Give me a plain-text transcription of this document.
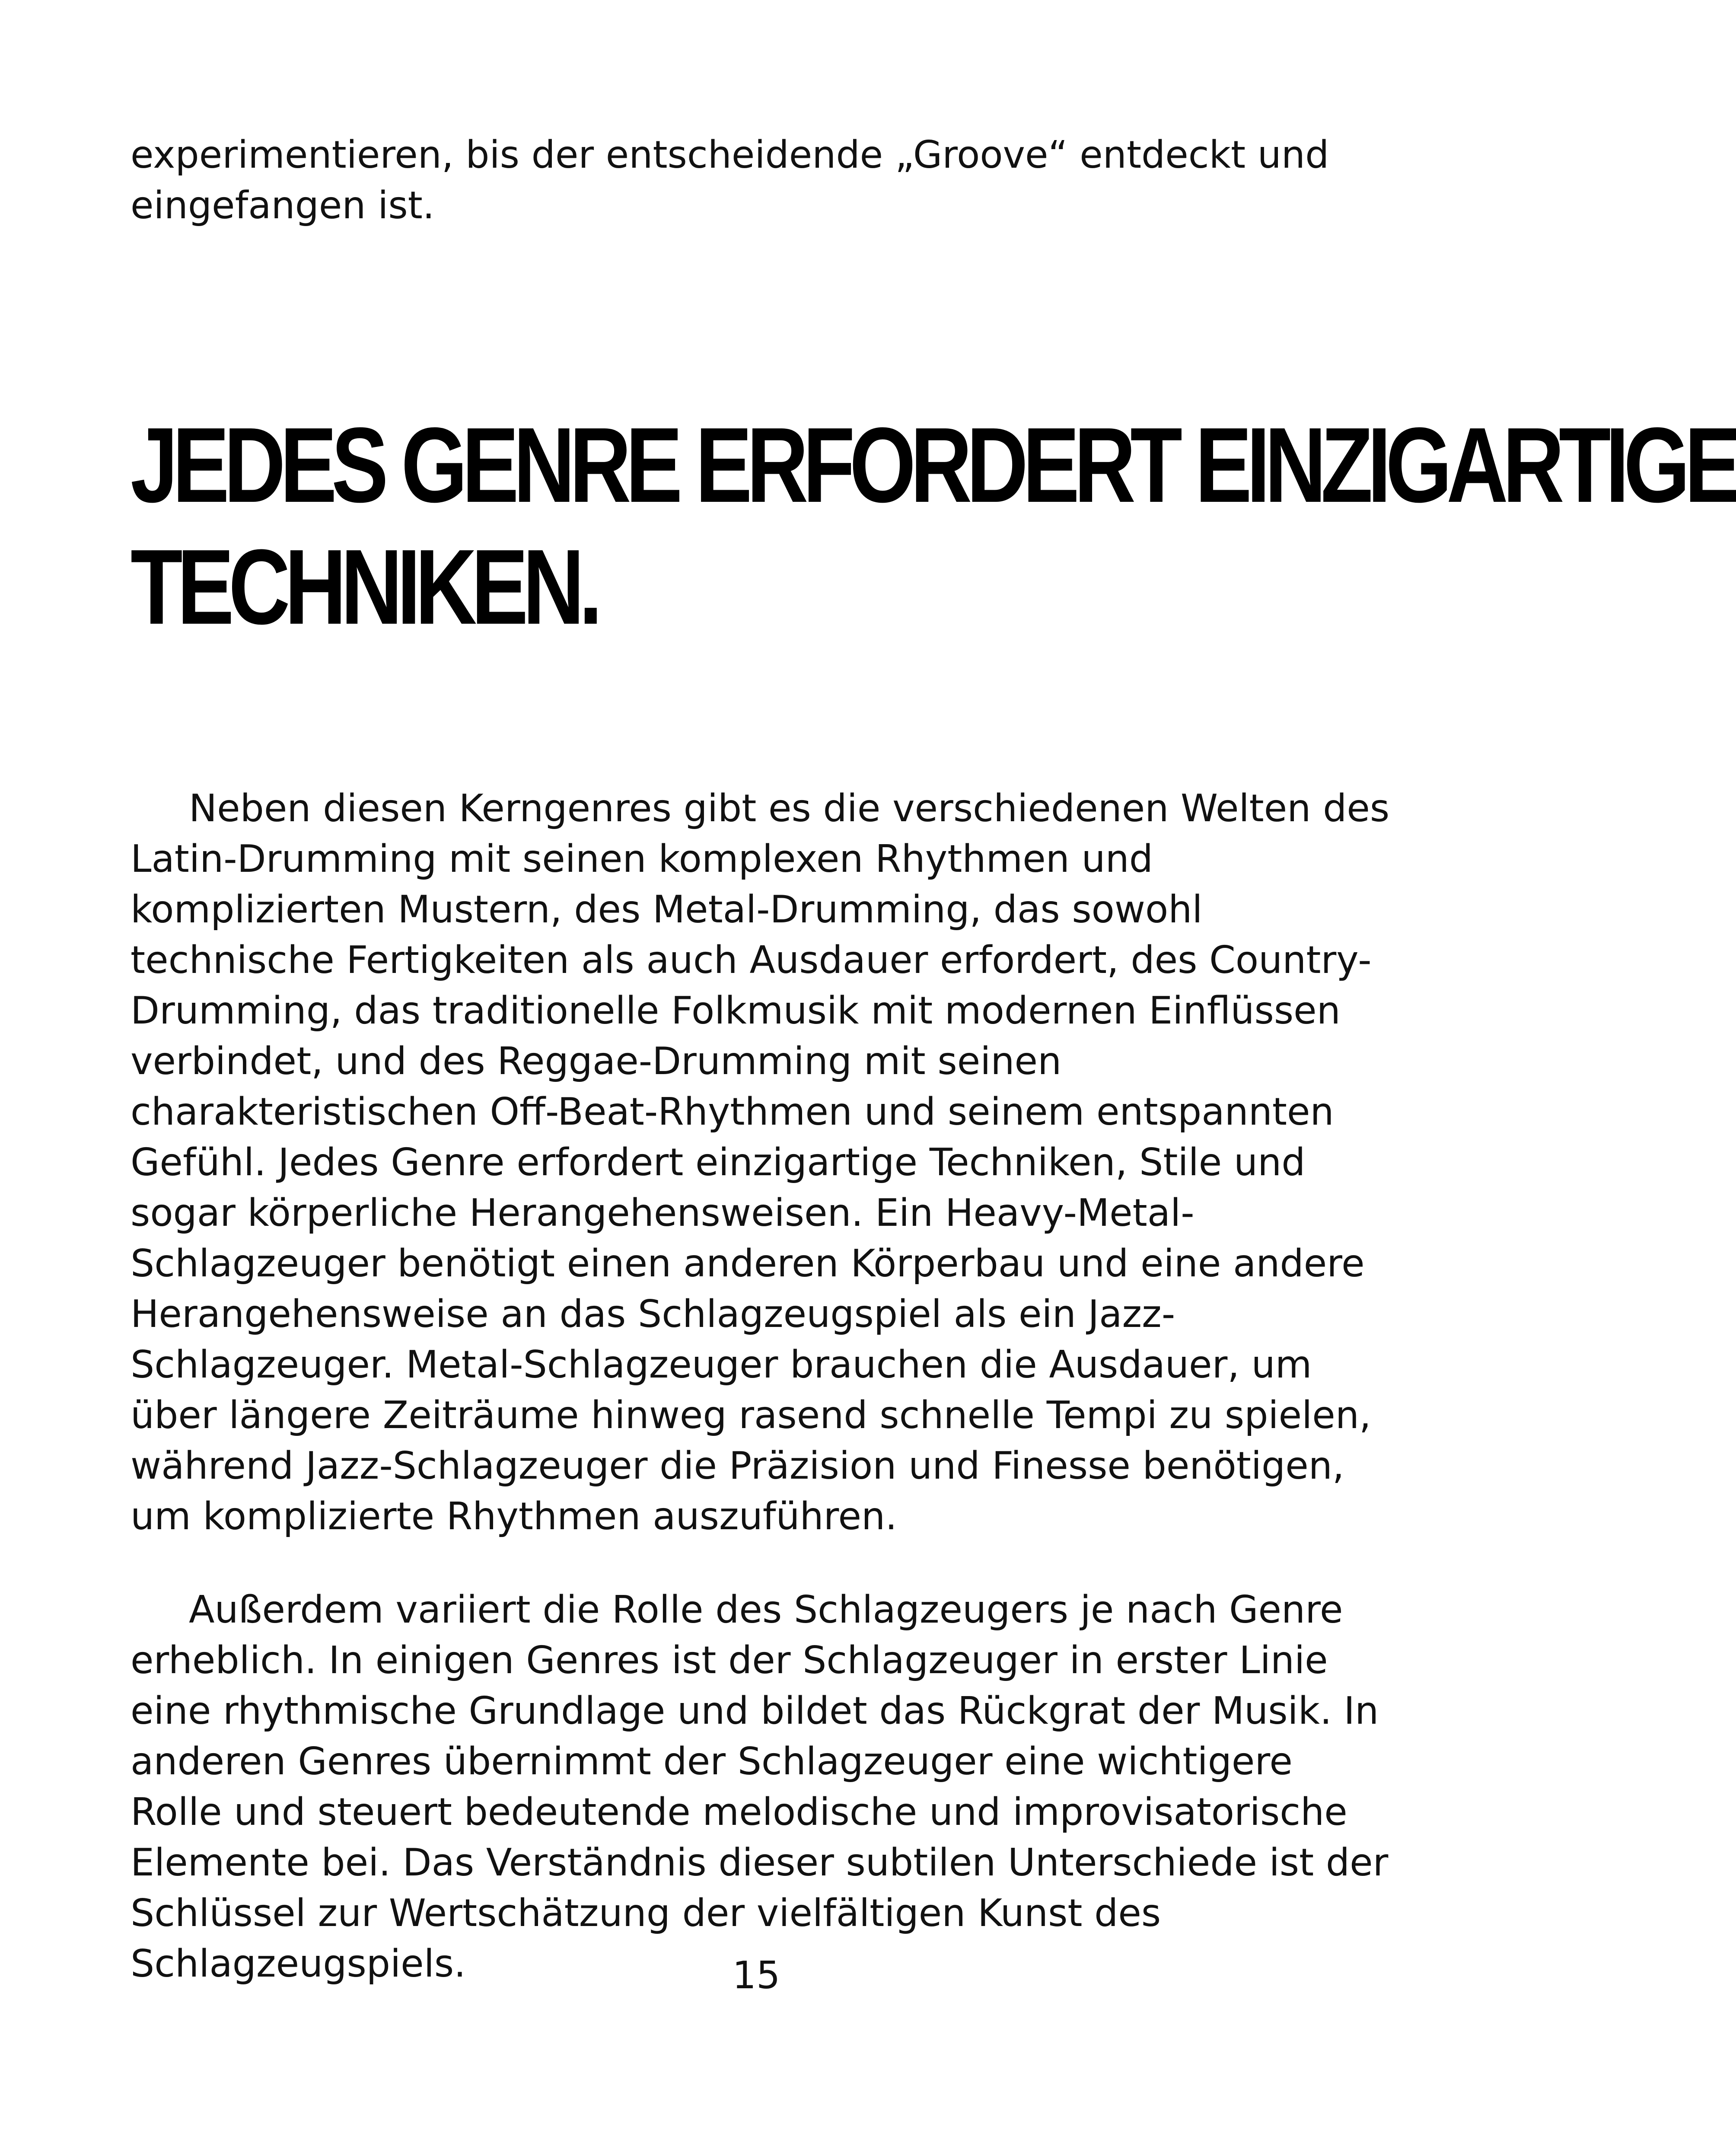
experimentieren, bis der entscheidende „Groove“ entdeckt und eingefangen ist.

JEDES GENRE ERFORDERT EINZIGARTIGE
TECHNIKEN.

Neben diesen Kerngenres gibt es die verschiedenen Welten des Latin-Drumming mit seinen komplexen Rhythmen und komplizierten Mustern, des Metal-Drumming, das sowohl technische Fertigkeiten als auch Ausdauer erfordert, des Country-Drumming, das traditionelle Folkmusik mit modernen Einflüssen verbindet, und des Reggae-Drumming mit seinen charakteristischen Off-Beat-Rhythmen und seinem entspannten Gefühl. Jedes Genre erfordert einzigartige Techniken, Stile und sogar körperliche Herangehensweisen. Ein Heavy-Metal-Schlagzeuger benötigt einen anderen Körperbau und eine andere Herangehensweise an das Schlagzeugspiel als ein Jazz-Schlagzeuger. Metal-Schlagzeuger brauchen die Ausdauer, um über längere Zeiträume hinweg rasend schnelle Tempi zu spielen, während Jazz-Schlagzeuger die Präzision und Finesse benötigen, um komplizierte Rhythmen auszuführen.

Außerdem variiert die Rolle des Schlagzeugers je nach Genre erheblich. In einigen Genres ist der Schlagzeuger in erster Linie eine rhythmische Grundlage und bildet das Rückgrat der Musik. In anderen Genres übernimmt der Schlagzeuger eine wichtigere Rolle und steuert bedeutende melodische und improvisatorische Elemente bei. Das Verständnis dieser subtilen Unterschiede ist der Schlüssel zur Wertschätzung der vielfältigen Kunst des Schlagzeugspiels.	15
